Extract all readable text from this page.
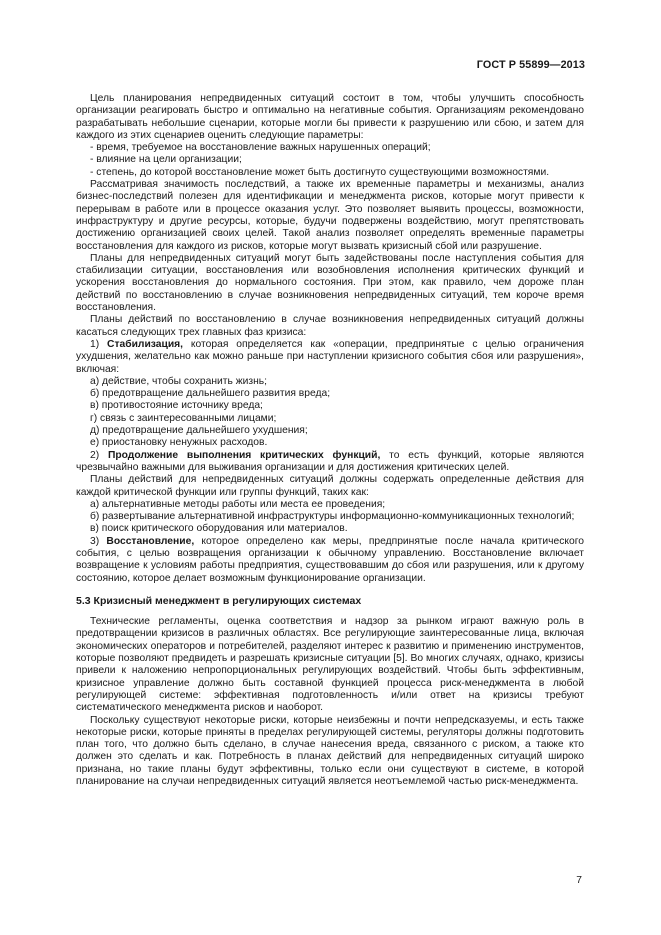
ГОСТ Р 55899—2013

Цель планирования непредвиденных ситуаций состоит в том, чтобы улучшить способность организации реагировать быстро и оптимально на негативные события. Организациям рекомендовано разрабатывать небольшие сценарии, которые могли бы привести к разрушению или сбою, и затем для каждого из этих сценариев оценить следующие параметры:

- время, требуемое на восстановление важных нарушенных операций;
- влияние на цели организации;
- степень, до которой восстановление может быть достигнуто существующими возможностями.

Рассматривая значимость последствий, а также их временные параметры и механизмы, анализ бизнес-последствий полезен для идентификации и менеджмента рисков, которые могут привести к перерывам в работе или в процессе оказания услуг. Это позволяет выявить процессы, возможности, инфраструктуру и другие ресурсы, которые, будучи подвержены воздействию, могут препятствовать достижению организацией своих целей. Такой анализ позволяет определять временные параметры восстановления для каждого из рисков, которые могут вызвать кризисный сбой или разрушение.

Планы для непредвиденных ситуаций могут быть задействованы после наступления события для стабилизации ситуации, восстановления или возобновления исполнения критических функций и ускорения восстановления до нормального состояния. При этом, как правило, чем дороже план действий по восстановлению в случае возникновения непредвиденных ситуаций, тем короче время восстановления.

Планы действий по восстановлению в случае возникновения непредвиденных ситуаций должны касаться следующих трех главных фаз кризиса:

1) Стабилизация, которая определяется как «операции, предпринятые с целью ограничения ухудшения, желательно как можно раньше при наступлении кризисного события сбоя или разрушения», включая:

а) действие, чтобы сохранить жизнь;
б) предотвращение дальнейшего развития вреда;
в) противостояние источнику вреда;
г) связь с заинтересованными лицами;
д) предотвращение дальнейшего ухудшения;
е) приостановку ненужных расходов.

2) Продолжение выполнения критических функций, то есть функций, которые являются чрезвычайно важными для выживания организации и для достижения критических целей.

Планы действий для непредвиденных ситуаций должны содержать определенные действия для каждой критической функции или группы функций, таких как:

а) альтернативные методы работы или места ее проведения;
б) развертывание альтернативной инфраструктуры информационно-коммуникационных технологий;
в) поиск критического оборудования или материалов.

3) Восстановление, которое определено как меры, предпринятые после начала критического события, с целью возвращения организации к обычному управлению. Восстановление включает возвращение к условиям работы предприятия, существовавшим до сбоя или разрушения, или к другому состоянию, которое делает возможным функционирование организации.

5.3 Кризисный менеджмент в регулирующих системах

Технические регламенты, оценка соответствия и надзор за рынком играют важную роль в предотвращении кризисов в различных областях. Все регулирующие заинтересованные лица, включая экономических операторов и потребителей, разделяют интерес к развитию и применению инструментов, которые позволяют предвидеть и разрешать кризисные ситуации [5]. Во многих случаях, однако, кризисы привели к наложению непропорциональных регулирующих воздействий. Чтобы быть эффективным, кризисное управление должно быть составной функцией процесса риск-менеджмента в любой регулирующей системе: эффективная подготовленность и/или ответ на кризисы требуют систематического менеджмента рисков и наоборот.

Поскольку существуют некоторые риски, которые неизбежны и почти непредсказуемы, и есть также некоторые риски, которые приняты в пределах регулирующей системы, регуляторы должны подготовить план того, что должно быть сделано, в случае нанесения вреда, связанного с риском, а также кто должен это сделать и как. Потребность в планах действий для непредвиденных ситуаций широко признана, но такие планы будут эффективны, только если они существуют в системе, в которой планирование на случаи непредвиденных ситуаций является неотъемлемой частью риск-менеджмента.

7
